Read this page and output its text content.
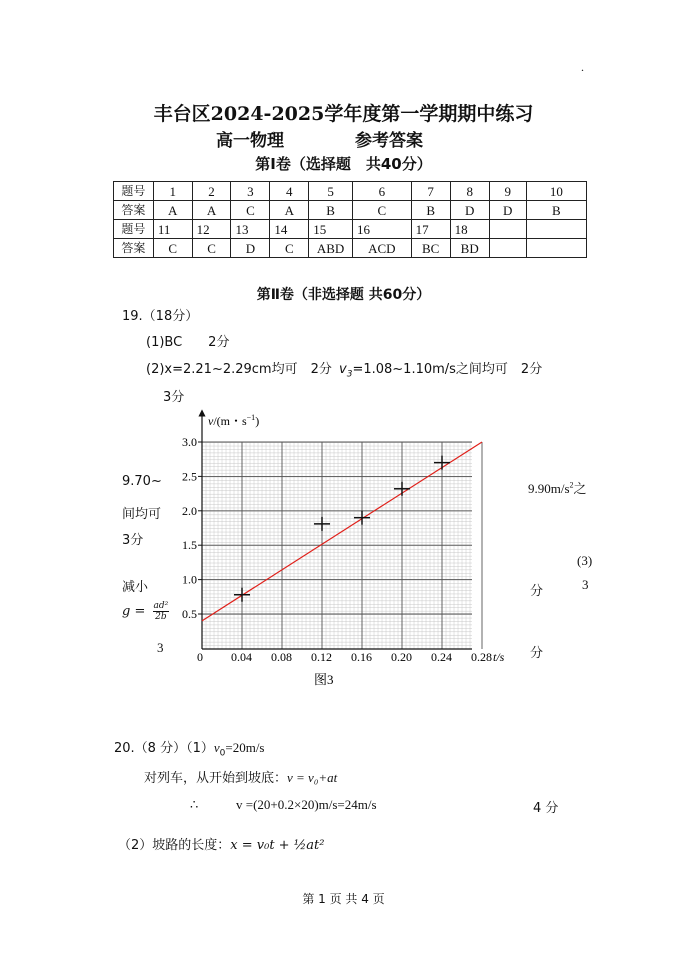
.
丰台区2024-2025学年度第一学期期中练习
高一物理	参考答案
第Ⅰ卷（选择题　共40分）
题号	1	2	3	4	5	6	7	8	9	10
答案	A	A	C	A	B	C	B	D	D	B
题号	11	12	13	14	15	16	17	18		
答案	C	C	D	C	ABD	ACD	BC	BD		
第Ⅱ卷（非选择题 共60分）
19.（18分）
(1)BC　　2分
(2)x=2.21~2.29cm均可　2分 $v_3=1.08\sim 1.10m/s$之间均可　2分
3分
9.70~
间均可
3分
减小
$g = \frac{\text{ad²}}{2b}$
3
$9.90m/s^2$之
(3)
分	3
分
0.5
1.0
1.5
2.0
2.5
3.0
0.04 0.08 0.12 0.16 0.20 0.24 0.28
v/(m・$s^{-1}$)
0	t/s
图3
20.（8 分）$(1)v_0=20m/s$
对列车，从开始到坡底：v = v₀+at
∴	v =(20+0.2×20)m/s=24m/s	4 分
（2）坡路的长度：x = v₀t + ½at²
第 1 页 共 4 页
